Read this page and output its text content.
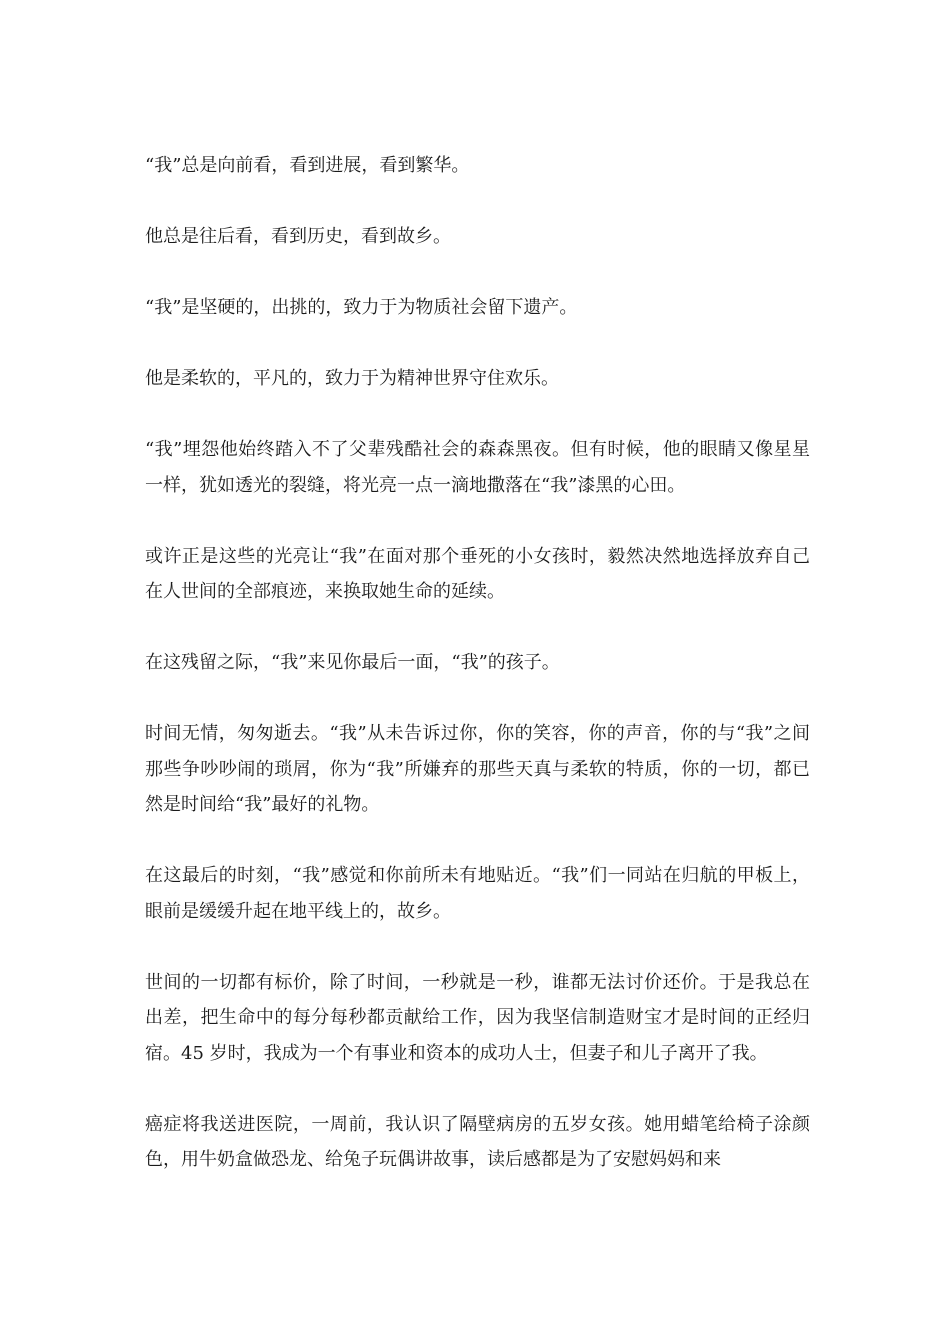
“我”总是向前看，看到进展，看到繁华。

他总是往后看，看到历史，看到故乡。

“我”是坚硬的，出挑的，致力于为物质社会留下遗产。

他是柔软的，平凡的，致力于为精神世界守住欢乐。

“我”埋怨他始终踏入不了父辈残酷社会的森森黑夜。但有时候，他的眼睛又像星星一样，犹如透光的裂缝，将光亮一点一滴地撒落在“我”漆黑的心田。

或许正是这些的光亮让“我”在面对那个垂死的小女孩时，毅然决然地选择放弃自己在人世间的全部痕迹，来换取她生命的延续。

在这残留之际，“我”来见你最后一面，“我”的孩子。

时间无情，匆匆逝去。“我”从未告诉过你，你的笑容，你的声音，你的与“我”之间那些争吵吵闹的琐屑，你为“我”所嫌弃的那些天真与柔软的特质，你的一切，都已然是时间给“我”最好的礼物。

在这最后的时刻，“我”感觉和你前所未有地贴近。“我”们一同站在归航的甲板上，眼前是缓缓升起在地平线上的，故乡。

世间的一切都有标价，除了时间，一秒就是一秒，谁都无法讨价还价。于是我总在出差，把生命中的每分每秒都贡献给工作，因为我坚信制造财宝才是时间的正经归宿。45 岁时，我成为一个有事业和资本的成功人士，但妻子和儿子离开了我。

癌症将我送进医院，一周前，我认识了隔壁病房的五岁女孩。她用蜡笔给椅子涂颜色，用牛奶盒做恐龙、给兔子玩偶讲故事，读后感都是为了安慰妈妈和来
